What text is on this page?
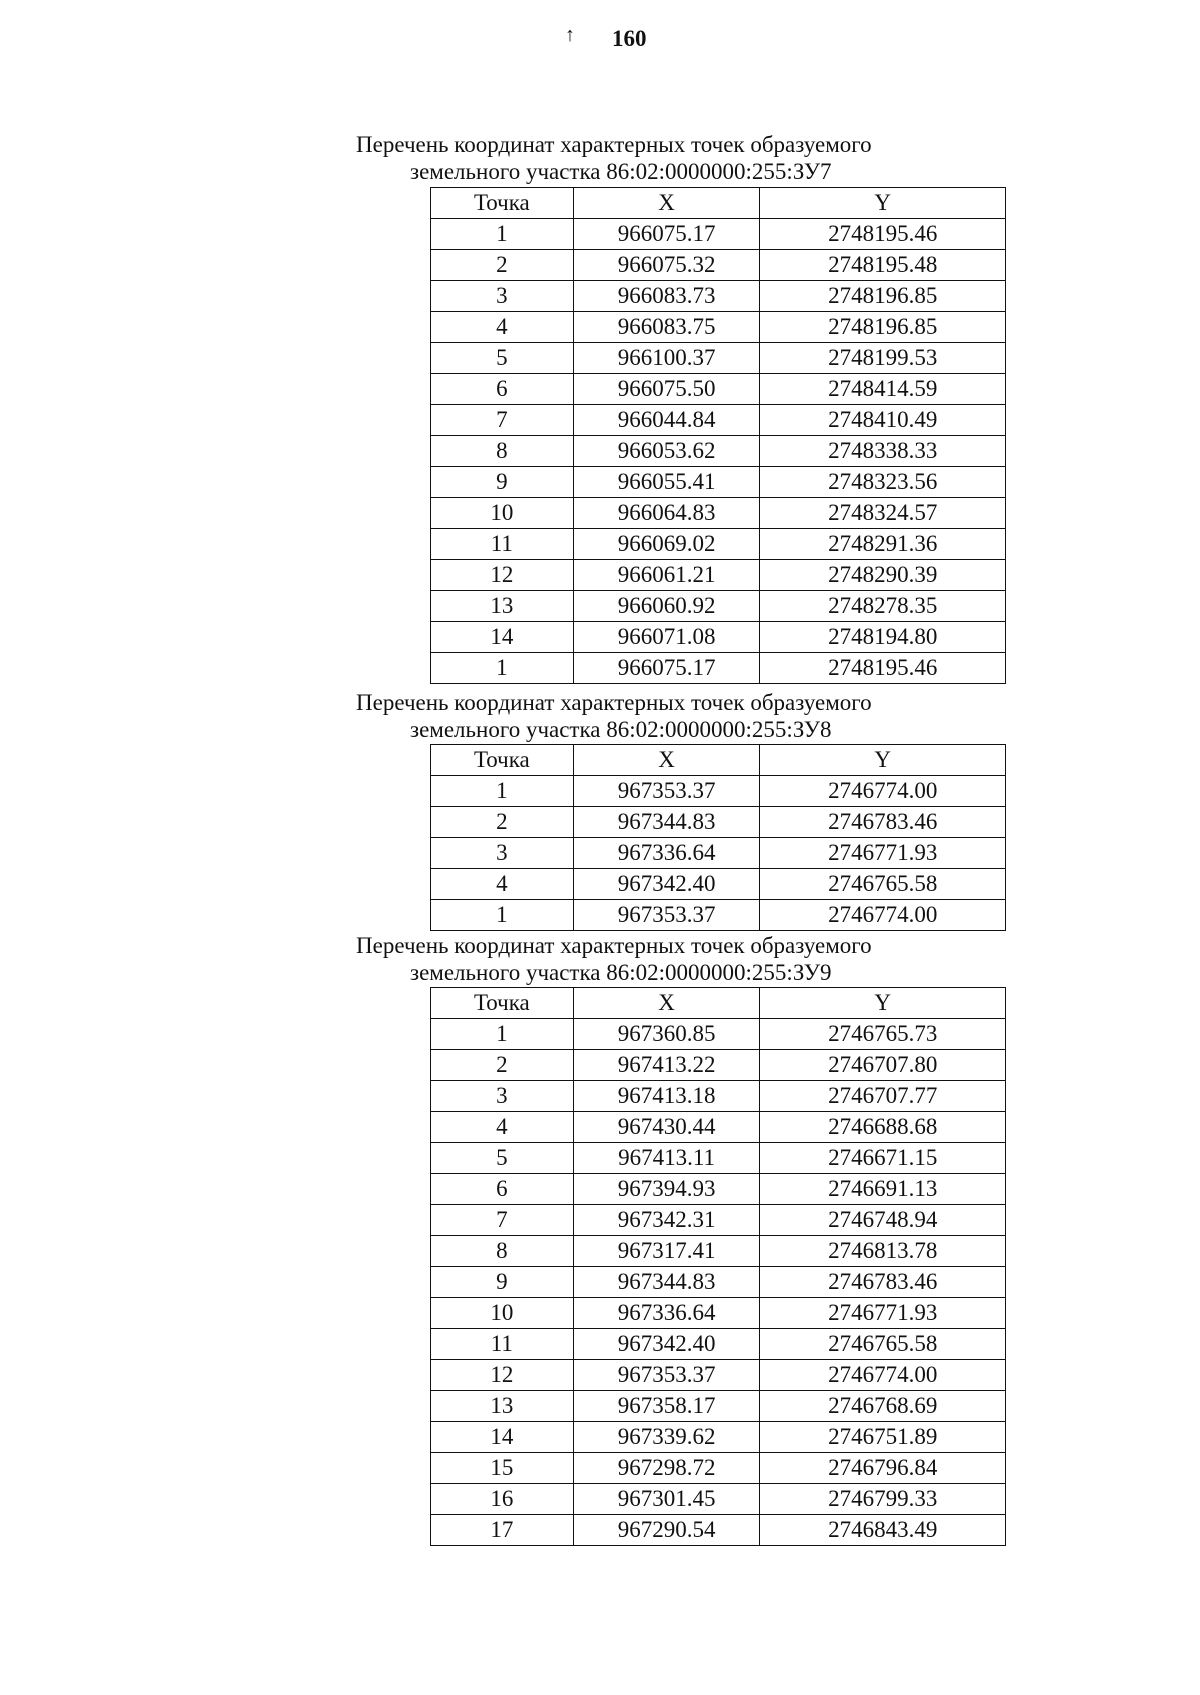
↑ 160
Перечень координат характерных точек образуемого
земельного участка 86:02:0000000:255:ЗУ7
Точка	X	Y
1	966075.17	2748195.46
2	966075.32	2748195.48
3	966083.73	2748196.85
4	966083.75	2748196.85
5	966100.37	2748199.53
6	966075.50	2748414.59
7	966044.84	2748410.49
8	966053.62	2748338.33
9	966055.41	2748323.56
10	966064.83	2748324.57
11	966069.02	2748291.36
12	966061.21	2748290.39
13	966060.92	2748278.35
14	966071.08	2748194.80
1	966075.17	2748195.46
Перечень координат характерных точек образуемого
земельного участка 86:02:0000000:255:ЗУ8
Точка	X	Y
1	967353.37	2746774.00
2	967344.83	2746783.46
3	967336.64	2746771.93
4	967342.40	2746765.58
1	967353.37	2746774.00
Перечень координат характерных точек образуемого
земельного участка 86:02:0000000:255:ЗУ9
Точка	X	Y
1	967360.85	2746765.73
2	967413.22	2746707.80
3	967413.18	2746707.77
4	967430.44	2746688.68
5	967413.11	2746671.15
6	967394.93	2746691.13
7	967342.31	2746748.94
8	967317.41	2746813.78
9	967344.83	2746783.46
10	967336.64	2746771.93
11	967342.40	2746765.58
12	967353.37	2746774.00
13	967358.17	2746768.69
14	967339.62	2746751.89
15	967298.72	2746796.84
16	967301.45	2746799.33
17	967290.54	2746843.49
